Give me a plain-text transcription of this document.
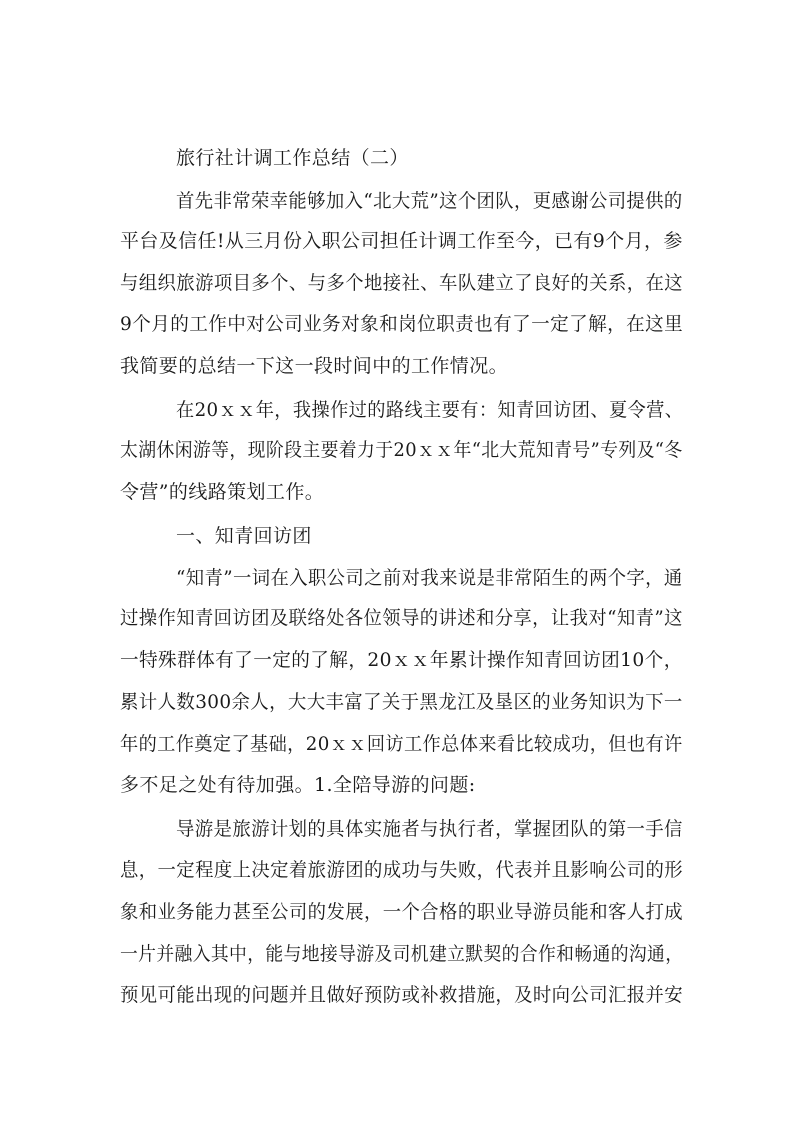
旅行社计调工作总结（二）
首先非常荣幸能够加入“北大荒”这个团队，更感谢公司提供的
平台及信任!从三月份入职公司担任计调工作至今，已有9个月，参
与组织旅游项目多个、与多个地接社、车队建立了良好的关系，在这
9个月的工作中对公司业务对象和岗位职责也有了一定了解，在这里
我简要的总结一下这一段时间中的工作情况。
在20ｘｘ年，我操作过的路线主要有：知青回访团、夏令营、
太湖休闲游等，现阶段主要着力于20ｘｘ年“北大荒知青号”专列及“冬
令营”的线路策划工作。
一、知青回访团
“知青”一词在入职公司之前对我来说是非常陌生的两个字，通
过操作知青回访团及联络处各位领导的讲述和分享，让我对“知青”这
一特殊群体有了一定的了解，20ｘｘ年累计操作知青回访团10个，
累计人数300余人，大大丰富了关于黑龙江及垦区的业务知识为下一
年的工作奠定了基础，20ｘｘ回访工作总体来看比较成功，但也有许
多不足之处有待加强。1.全陪导游的问题:
导游是旅游计划的具体实施者与执行者，掌握团队的第一手信
息，一定程度上决定着旅游团的成功与失败，代表并且影响公司的形
象和业务能力甚至公司的发展，一个合格的职业导游员能和客人打成
一片并融入其中，能与地接导游及司机建立默契的合作和畅通的沟通，
预见可能出现的问题并且做好预防或补救措施，及时向公司汇报并安
